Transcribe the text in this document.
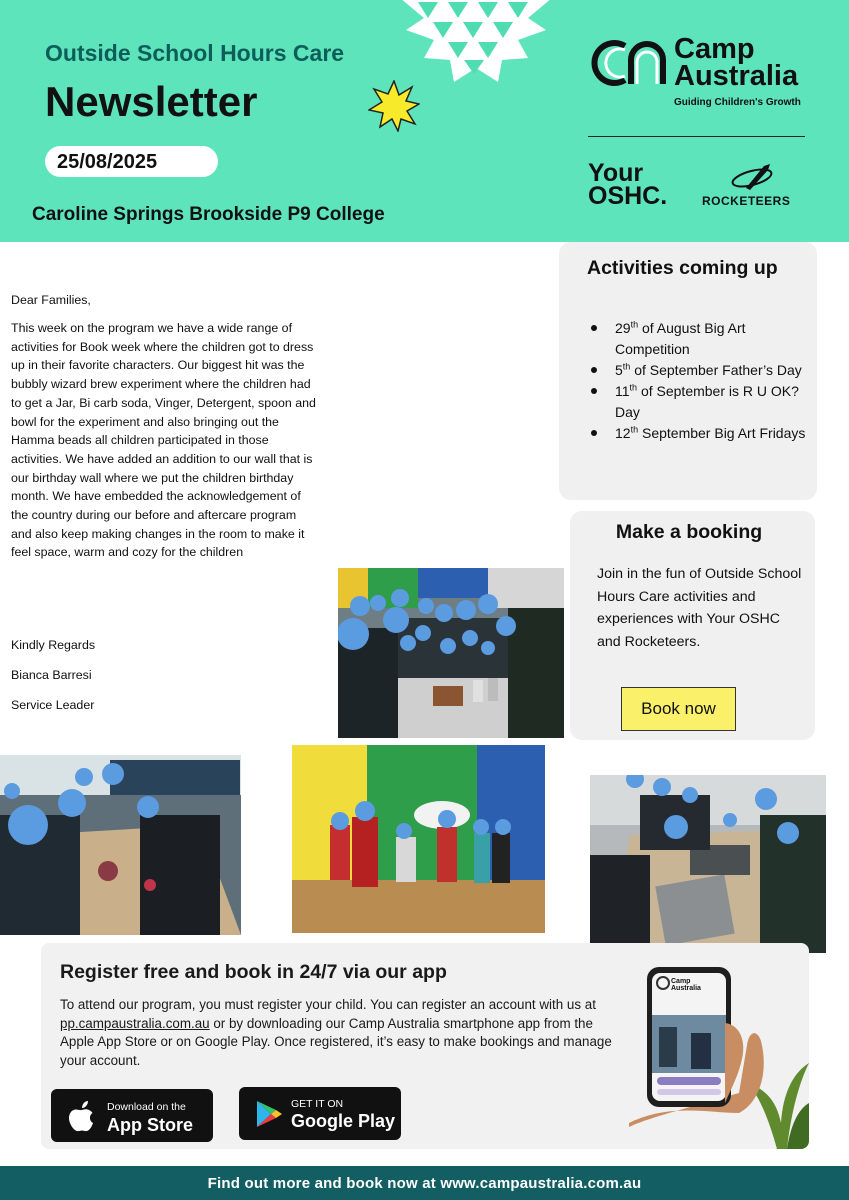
Outside School Hours Care
Newsletter
25/08/2025
Caroline Springs Brookside P9 College
Camp
Australia
Guiding Children's Growth
Your
OSHC.	ROCKETEERS
Dear Families,
This week on the program we have a wide range of
activities for Book week where the children got to dress
up in their favorite characters. Our biggest hit was the
bubbly wizard brew experiment where the children had
to get a Jar, Bi carb soda, Vinger, Detergent, spoon and
bowl for the experiment and also bringing out the
Hamma beads all children participated in those
activities. We have added an addition to our wall that is
our birthday wall where we put the children birthday
month. We have embedded the acknowledgement of
the country during our before and aftercare program
and also keep making changes in the room to make it
feel space, warm and cozy for the children
Kindly Regards
Bianca Barresi
Service Leader
Activities coming up
29th of August Big Art Competition
5th of September Father’s Day
11th of September is R U OK? Day
12th September Big Art Fridays
Make a booking
Join in the fun of Outside School Hours Care activities and experiences with Your OSHC and Rocketeers.
Book now
Register free and book in 24/7 via our app
To attend our program, you must register your child. You can register an account with us at pp.campaustralia.com.au or by downloading our Camp Australia smartphone app from the Apple App Store or on Google Play. Once registered, it’s easy to make bookings and manage your account.
Download on the
App Store
GET IT ON
Google Play
Camp
Australia
Find out more and book now at www.campaustralia.com.au
